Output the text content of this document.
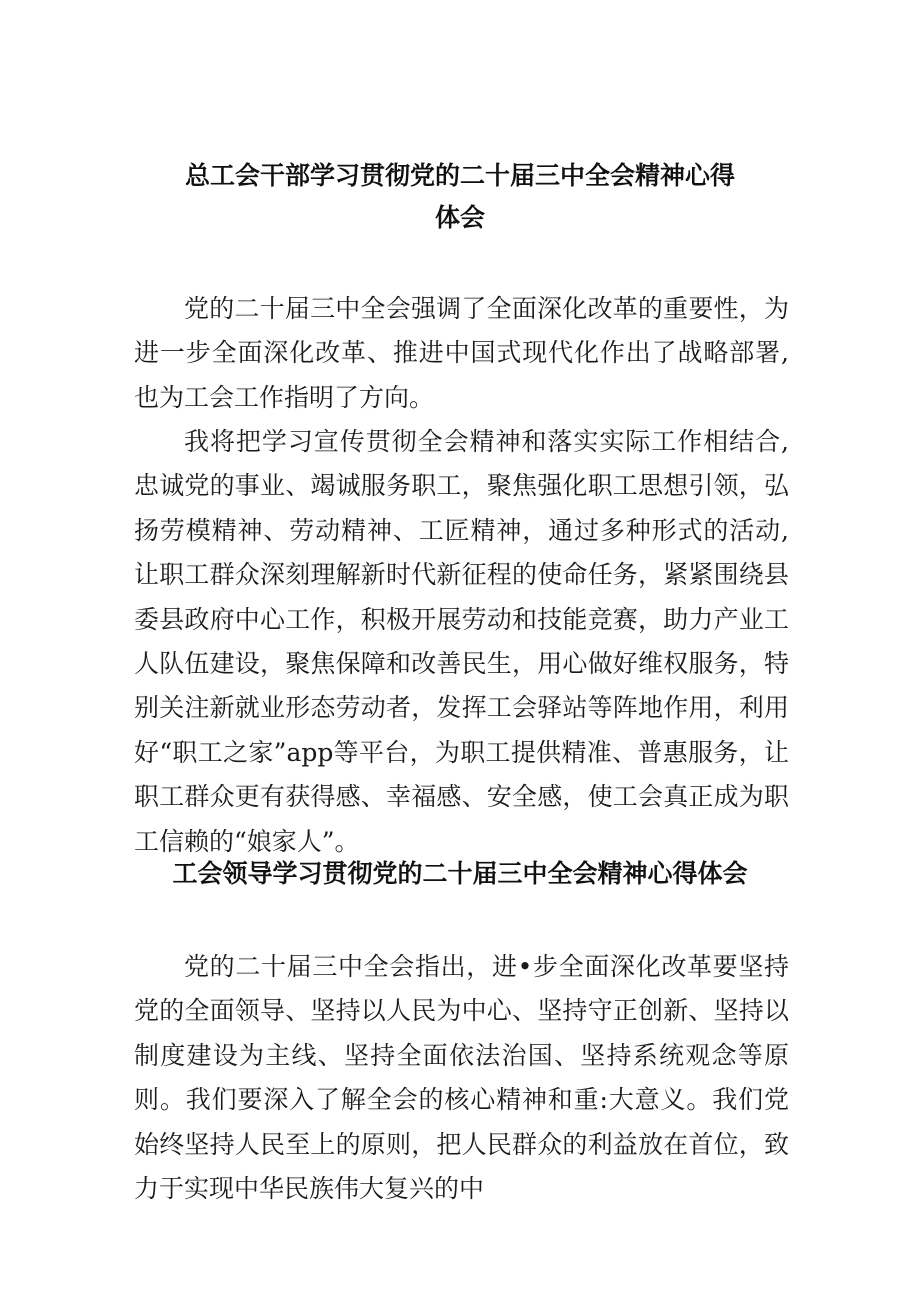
总工会干部学习贯彻党的二十届三中全会精神心得体会

党的二十届三中全会强调了全面深化改革的重要性，为进一步全面深化改革、推进中国式现代化作出了战略部署,也为工会工作指明了方向。

我将把学习宣传贯彻全会精神和落实实际工作相结合,忠诚党的事业、竭诚服务职工，聚焦强化职工思想引领，弘扬劳模精神、劳动精神、工匠精神，通过多种形式的活动,让职工群众深刻理解新时代新征程的使命任务，紧紧围绕县委县政府中心工作，积极开展劳动和技能竞赛，助力产业工人队伍建设，聚焦保障和改善民生，用心做好维权服务，特别关注新就业形态劳动者，发挥工会驿站等阵地作用，利用好“职工之家”app等平台，为职工提供精准、普惠服务，让职工群众更有获得感、幸福感、安全感，使工会真正成为职工信赖的“娘家人”。

工会领导学习贯彻党的二十届三中全会精神心得体会

党的二十届三中全会指出，进•步全面深化改革要坚持党的全面领导、坚持以人民为中心、坚持守正创新、坚持以制度建设为主线、坚持全面依法治国、坚持系统观念等原则。我们要深入了解全会的核心精神和重:大意义。我们党始终坚持人民至上的原则，把人民群众的利益放在首位，致力于实现中华民族伟大复兴的中
